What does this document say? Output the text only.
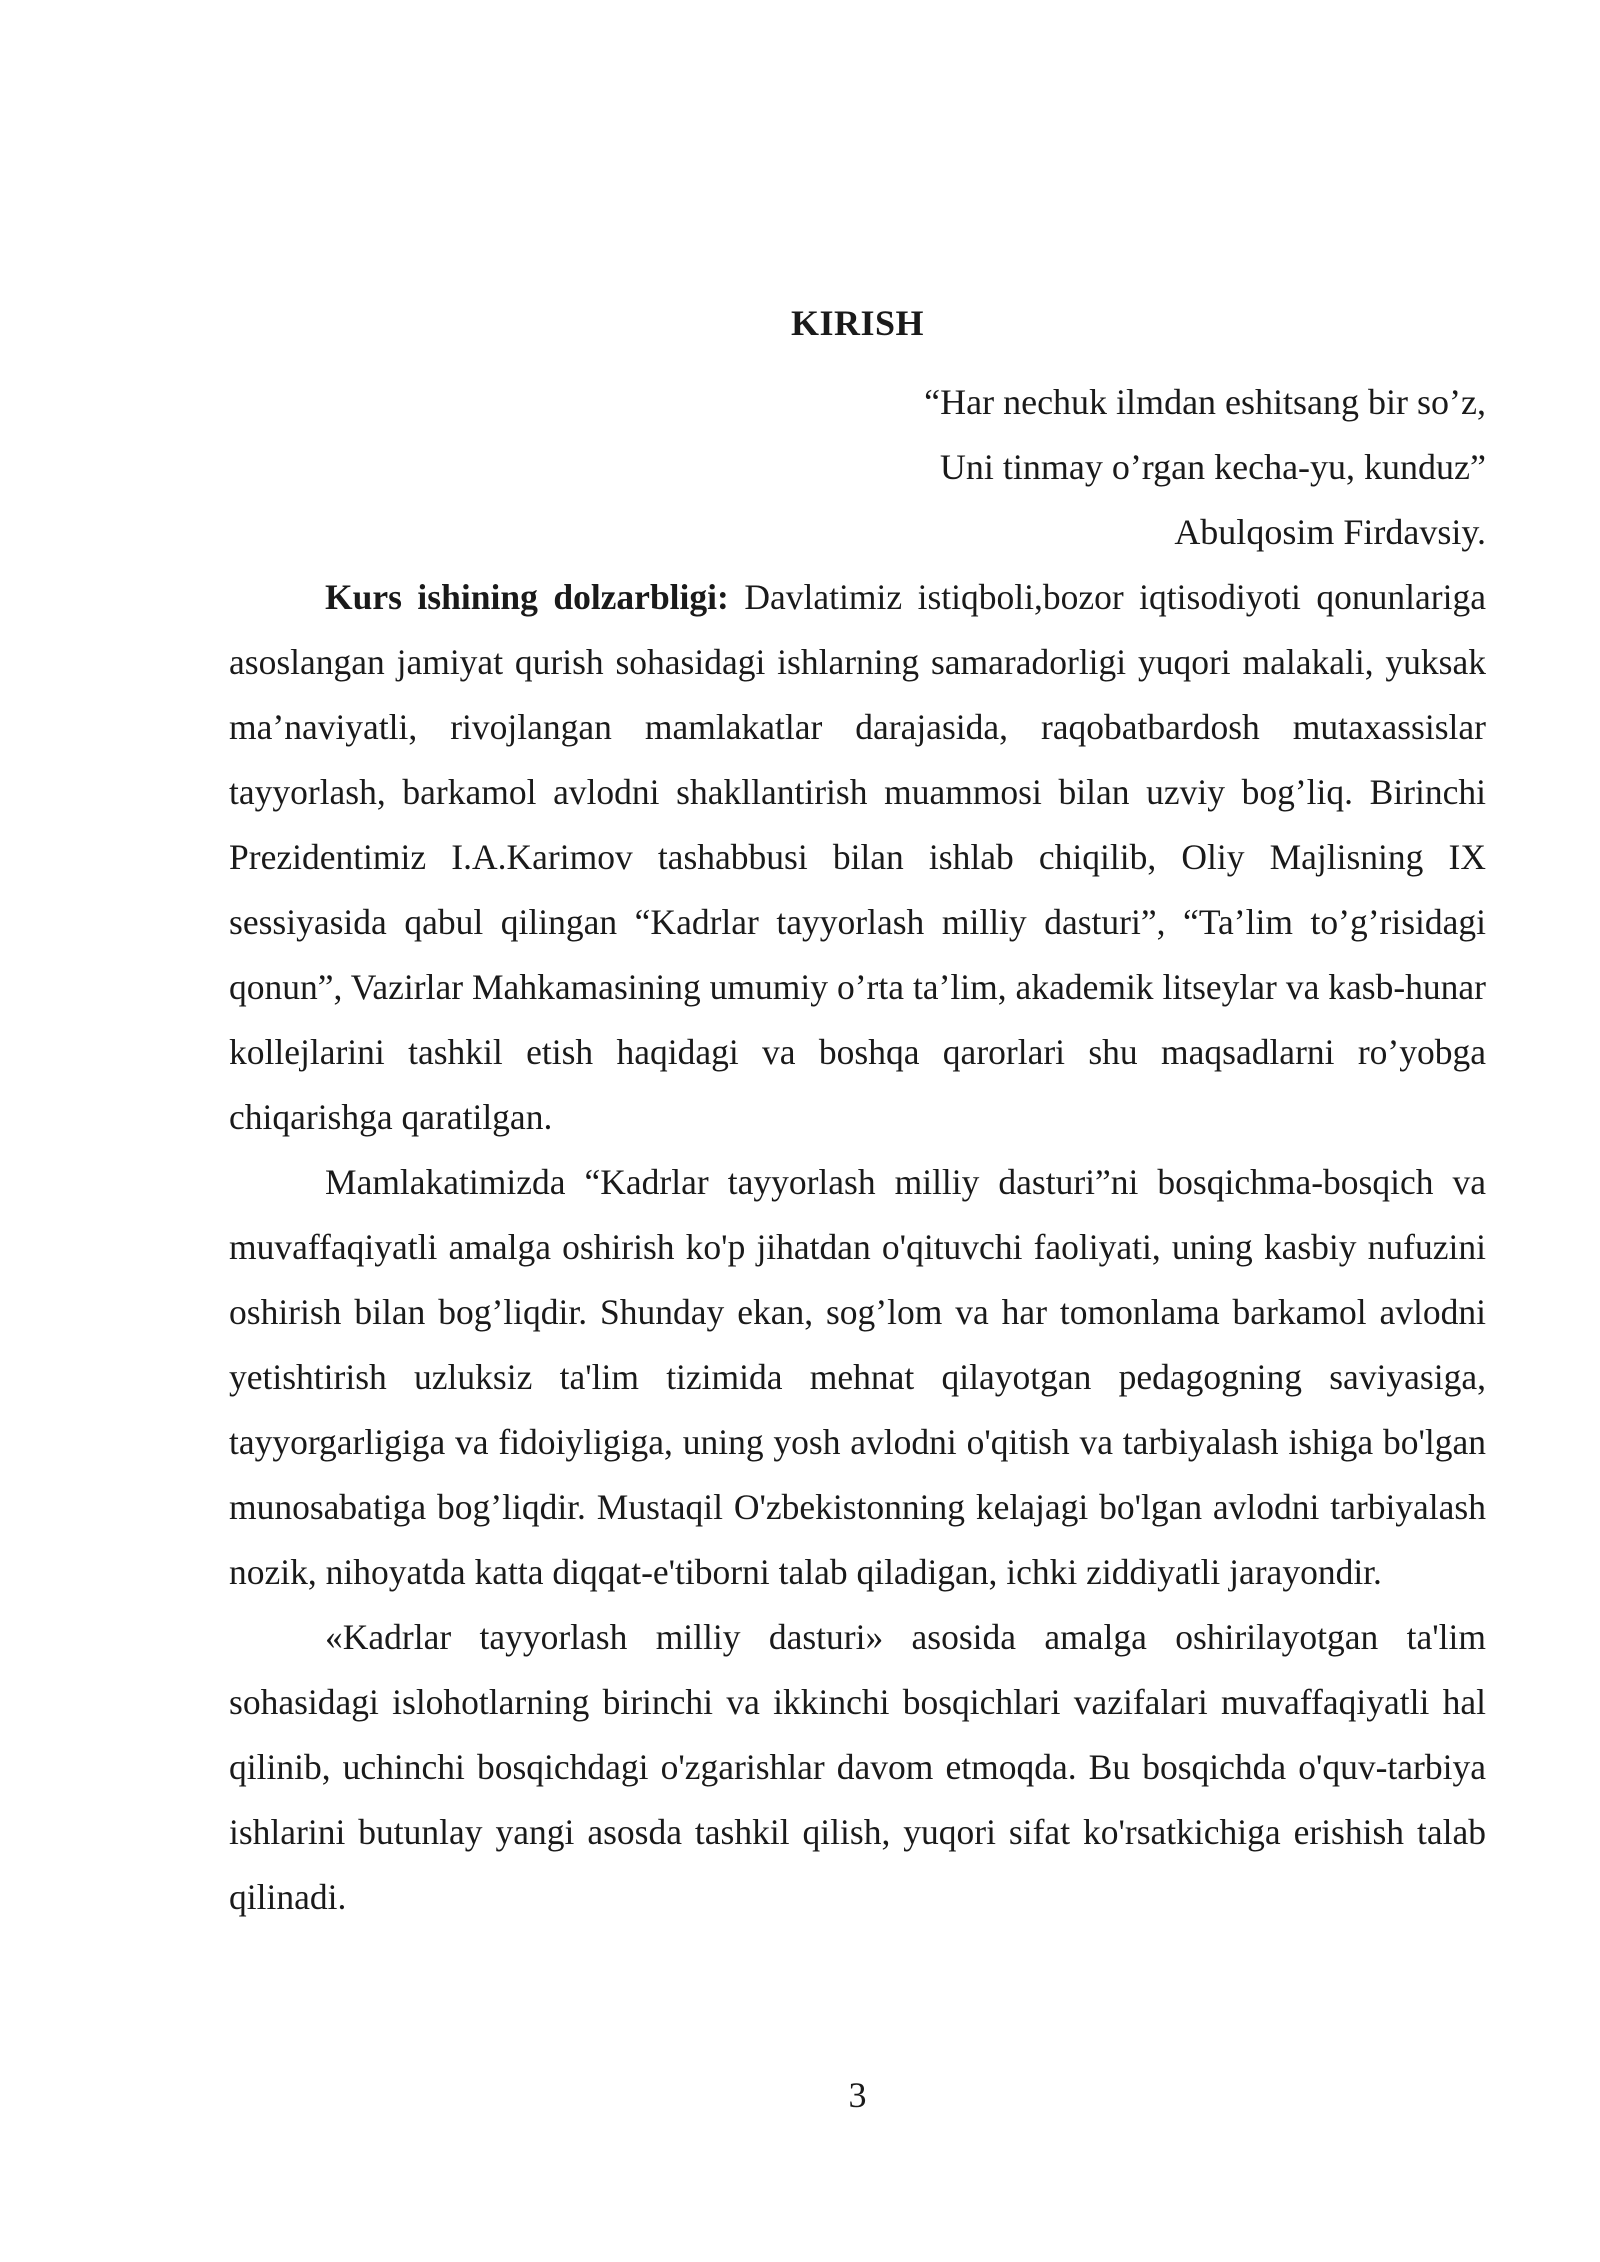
KIRISH
“Har nechuk ilmdan eshitsang bir so’z,
Uni tinmay o’rgan kecha-yu, kunduz”
Abulqosim Firdavsiy.

Kurs ishining dolzarbligi: Davlatimiz istiqboli,bozor iqtisodiyoti qonunlariga asoslangan jamiyat qurish sohasidagi ishlarning samaradorligi yuqori malakali, yuksak ma’naviyatli, rivojlangan mamlakatlar darajasida, raqobatbardosh mutaxassislar tayyorlash, barkamol avlodni shakllantirish muammosi bilan uzviy bog’liq. Birinchi Prezidentimiz I.A.Karimov tashabbusi bilan ishlab chiqilib, Oliy Majlisning IX sessiyasida qabul qilingan “Kadrlar tayyorlash milliy dasturi”, “Ta’lim to’g’risidagi qonun”, Vazirlar Mahkamasining umumiy o’rta ta’lim, akademik litseylar va kasb-hunar kollejlarini tashkil etish haqidagi va boshqa qarorlari shu maqsadlarni ro’yobga chiqarishga qaratilgan.

Mamlakatimizda “Kadrlar tayyorlash milliy dasturi”ni bosqichma-bosqich va muvaffaqiyatli amalga oshirish ko'p jihatdan o'qituvchi faoliyati, uning kasbiy nufuzini oshirish bilan bog’liqdir. Shunday ekan, sog’lom va har tomonlama barkamol avlodni yetishtirish uzluksiz ta'lim tizimida mehnat qilayotgan pedagogning saviyasiga, tayyorgarligiga va fidoiyligiga, uning yosh avlodni o'qitish va tarbiyalash ishiga bo'lgan munosabatiga bog’liqdir. Mustaqil O'zbekistonning kelajagi bo'lgan avlodni tarbiyalash nozik, nihoyatda katta diqqat-e'tiborni talab qiladigan, ichki ziddiyatli jarayondir.

«Kadrlar tayyorlash milliy dasturi» asosida amalga oshirilayotgan ta'lim sohasidagi islohotlarning birinchi va ikkinchi bosqichlari vazifalari muvaffaqiyatli hal qilinib, uchinchi bosqichdagi o'zgarishlar davom etmoqda. Bu bosqichda o'quv-tarbiya ishlarini butunlay yangi asosda tashkil qilish, yuqori sifat ko'rsatkichiga erishish talab qilinadi.

3
